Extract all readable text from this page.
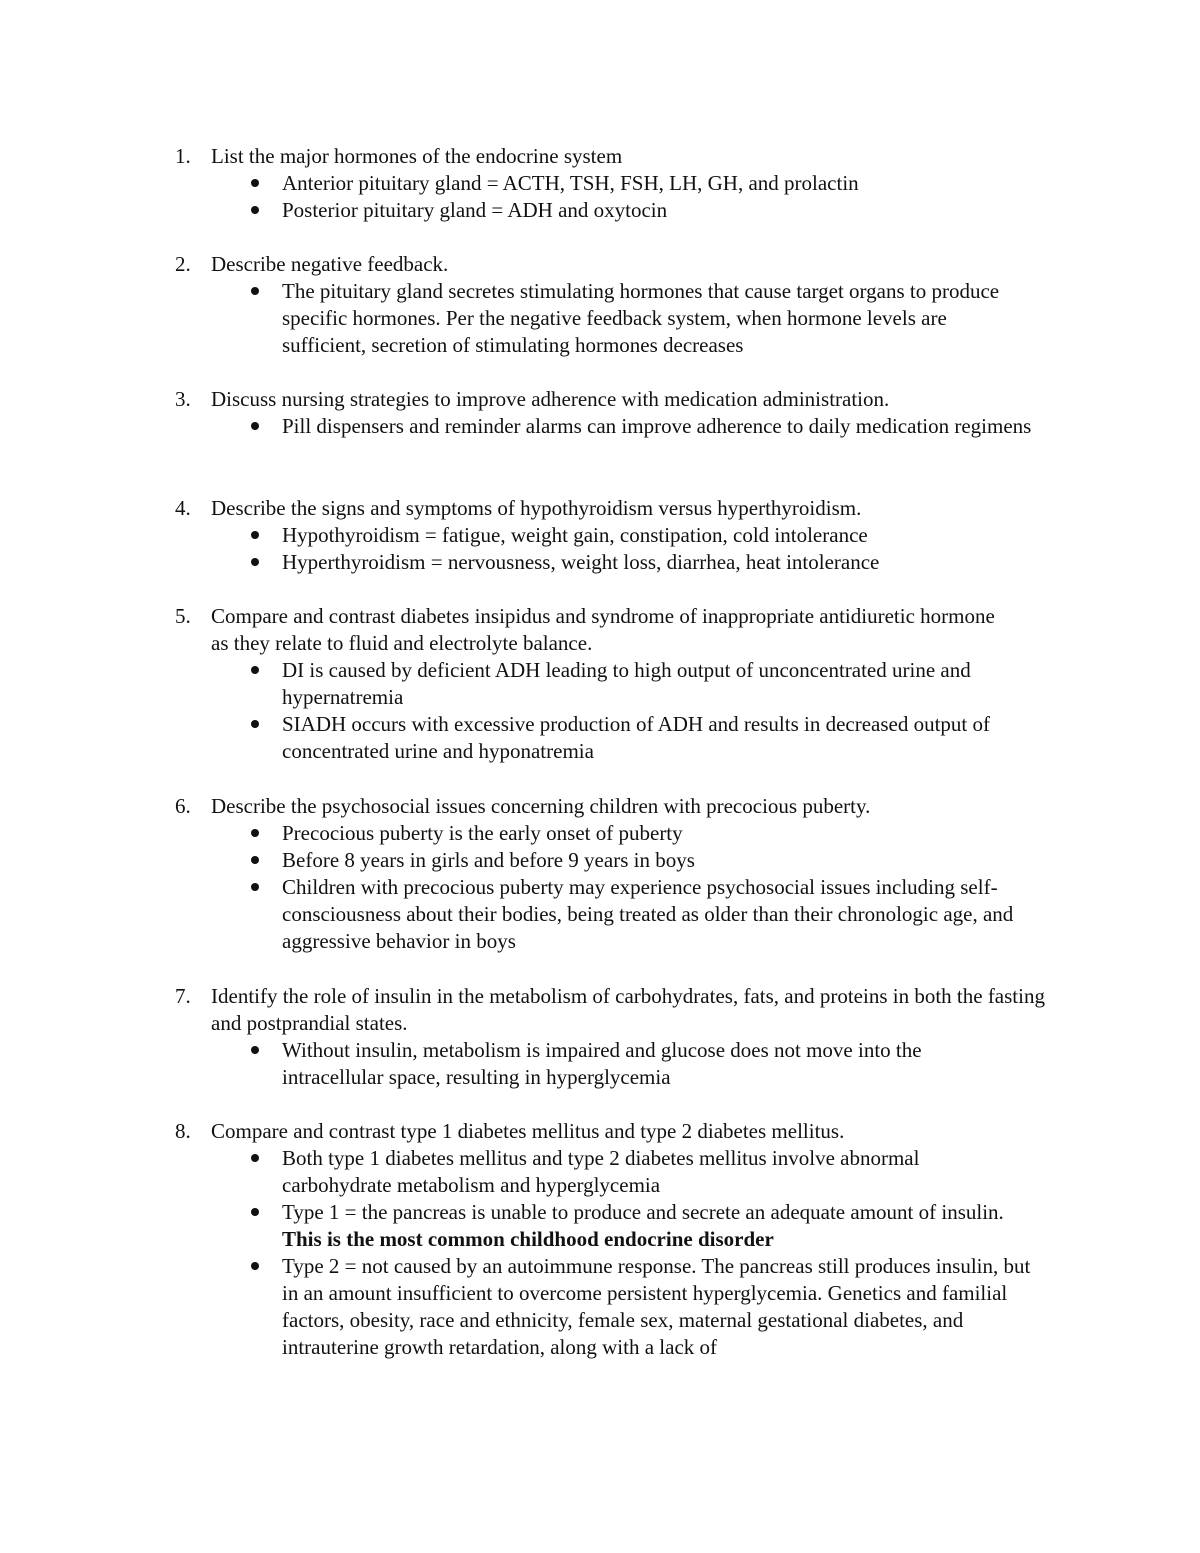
1. List the major hormones of the endocrine system
Anterior pituitary gland = ACTH, TSH, FSH, LH, GH, and prolactin
Posterior pituitary gland = ADH and oxytocin
2. Describe negative feedback.
The pituitary gland secretes stimulating hormones that cause target organs to produce specific hormones. Per the negative feedback system, when hormone levels are sufficient, secretion of stimulating hormones decreases
3. Discuss nursing strategies to improve adherence with medication administration.
Pill dispensers and reminder alarms can improve adherence to daily medication regimens
4. Describe the signs and symptoms of hypothyroidism versus hyperthyroidism.
Hypothyroidism = fatigue, weight gain, constipation, cold intolerance
Hyperthyroidism = nervousness, weight loss, diarrhea, heat intolerance
5. Compare and contrast diabetes insipidus and syndrome of inappropriate antidiuretic hormone as they relate to fluid and electrolyte balance.
DI is caused by deficient ADH leading to high output of unconcentrated urine and hypernatremia
SIADH occurs with excessive production of ADH and results in decreased output of concentrated urine and hyponatremia
6. Describe the psychosocial issues concerning children with precocious puberty.
Precocious puberty is the early onset of puberty
Before 8 years in girls and before 9 years in boys
Children with precocious puberty may experience psychosocial issues including self-consciousness about their bodies, being treated as older than their chronologic age, and aggressive behavior in boys
7. Identify the role of insulin in the metabolism of carbohydrates, fats, and proteins in both the fasting and postprandial states.
Without insulin, metabolism is impaired and glucose does not move into the intracellular space, resulting in hyperglycemia
8. Compare and contrast type 1 diabetes mellitus and type 2 diabetes mellitus.
Both type 1 diabetes mellitus and type 2 diabetes mellitus involve abnormal carbohydrate metabolism and hyperglycemia
Type 1 = the pancreas is unable to produce and secrete an adequate amount of insulin. This is the most common childhood endocrine disorder
Type 2 = not caused by an autoimmune response. The pancreas still produces insulin, but in an amount insufficient to overcome persistent hyperglycemia. Genetics and familial factors, obesity, race and ethnicity, female sex, maternal gestational diabetes, and intrauterine growth retardation, along with a lack of
